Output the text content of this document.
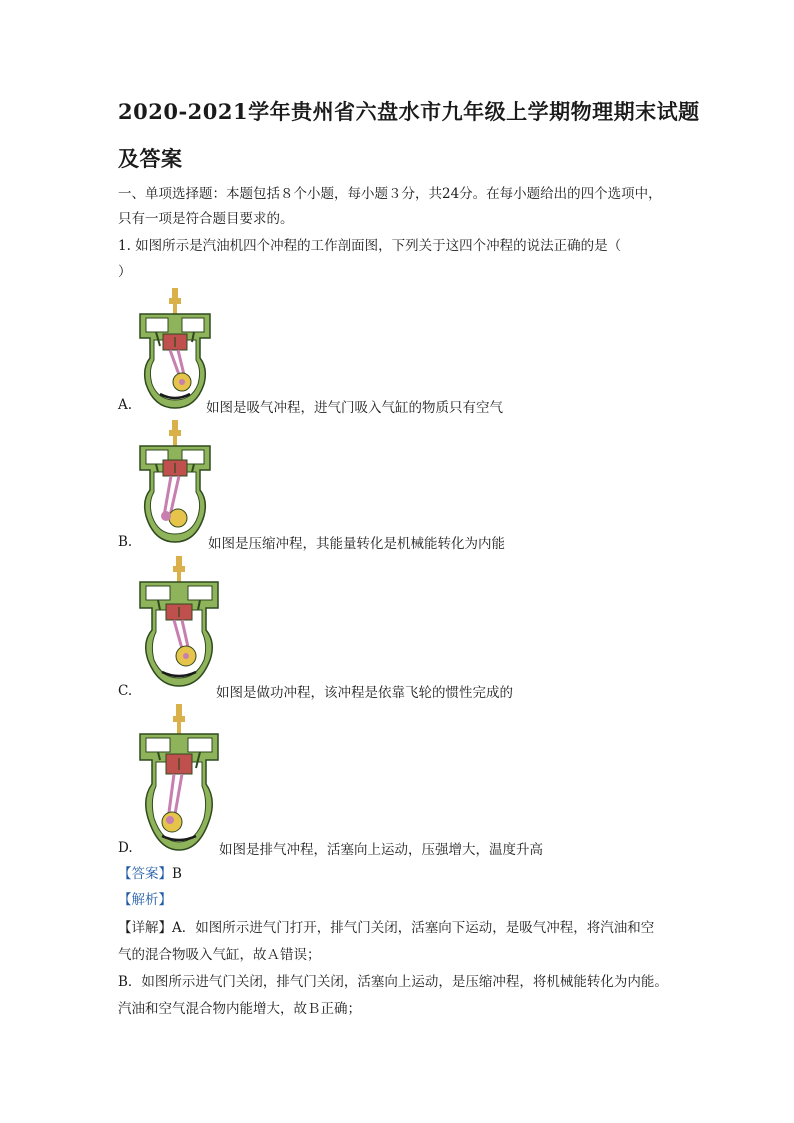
2020-2021学年贵州省六盘水市九年级上学期物理期末试题
及答案
一、单项选择题：本题包括８个小题，每小题３分，共24分。在每小题给出的四个选项中，
只有一项是符合题目要求的。
1. 如图所示是汽油机四个冲程的工作剖面图，下列关于这四个冲程的说法正确的是（
）
A.	如图是吸气冲程，进气门吸入气缸的物质只有空气
B.	如图是压缩冲程，其能量转化是机械能转化为内能
C.	如图是做功冲程，该冲程是依靠飞轮的惯性完成的
D.	如图是排气冲程，活塞向上运动，压强增大，温度升高
【答案】B
【解析】
【详解】A．如图所示进气门打开，排气门关闭，活塞向下运动，是吸气冲程，将汽油和空
气的混合物吸入气缸，故Ａ错误；
B．如图所示进气门关闭，排气门关闭，活塞向上运动，是压缩冲程，将机械能转化为内能。
汽油和空气混合物内能增大，故Ｂ正确；
